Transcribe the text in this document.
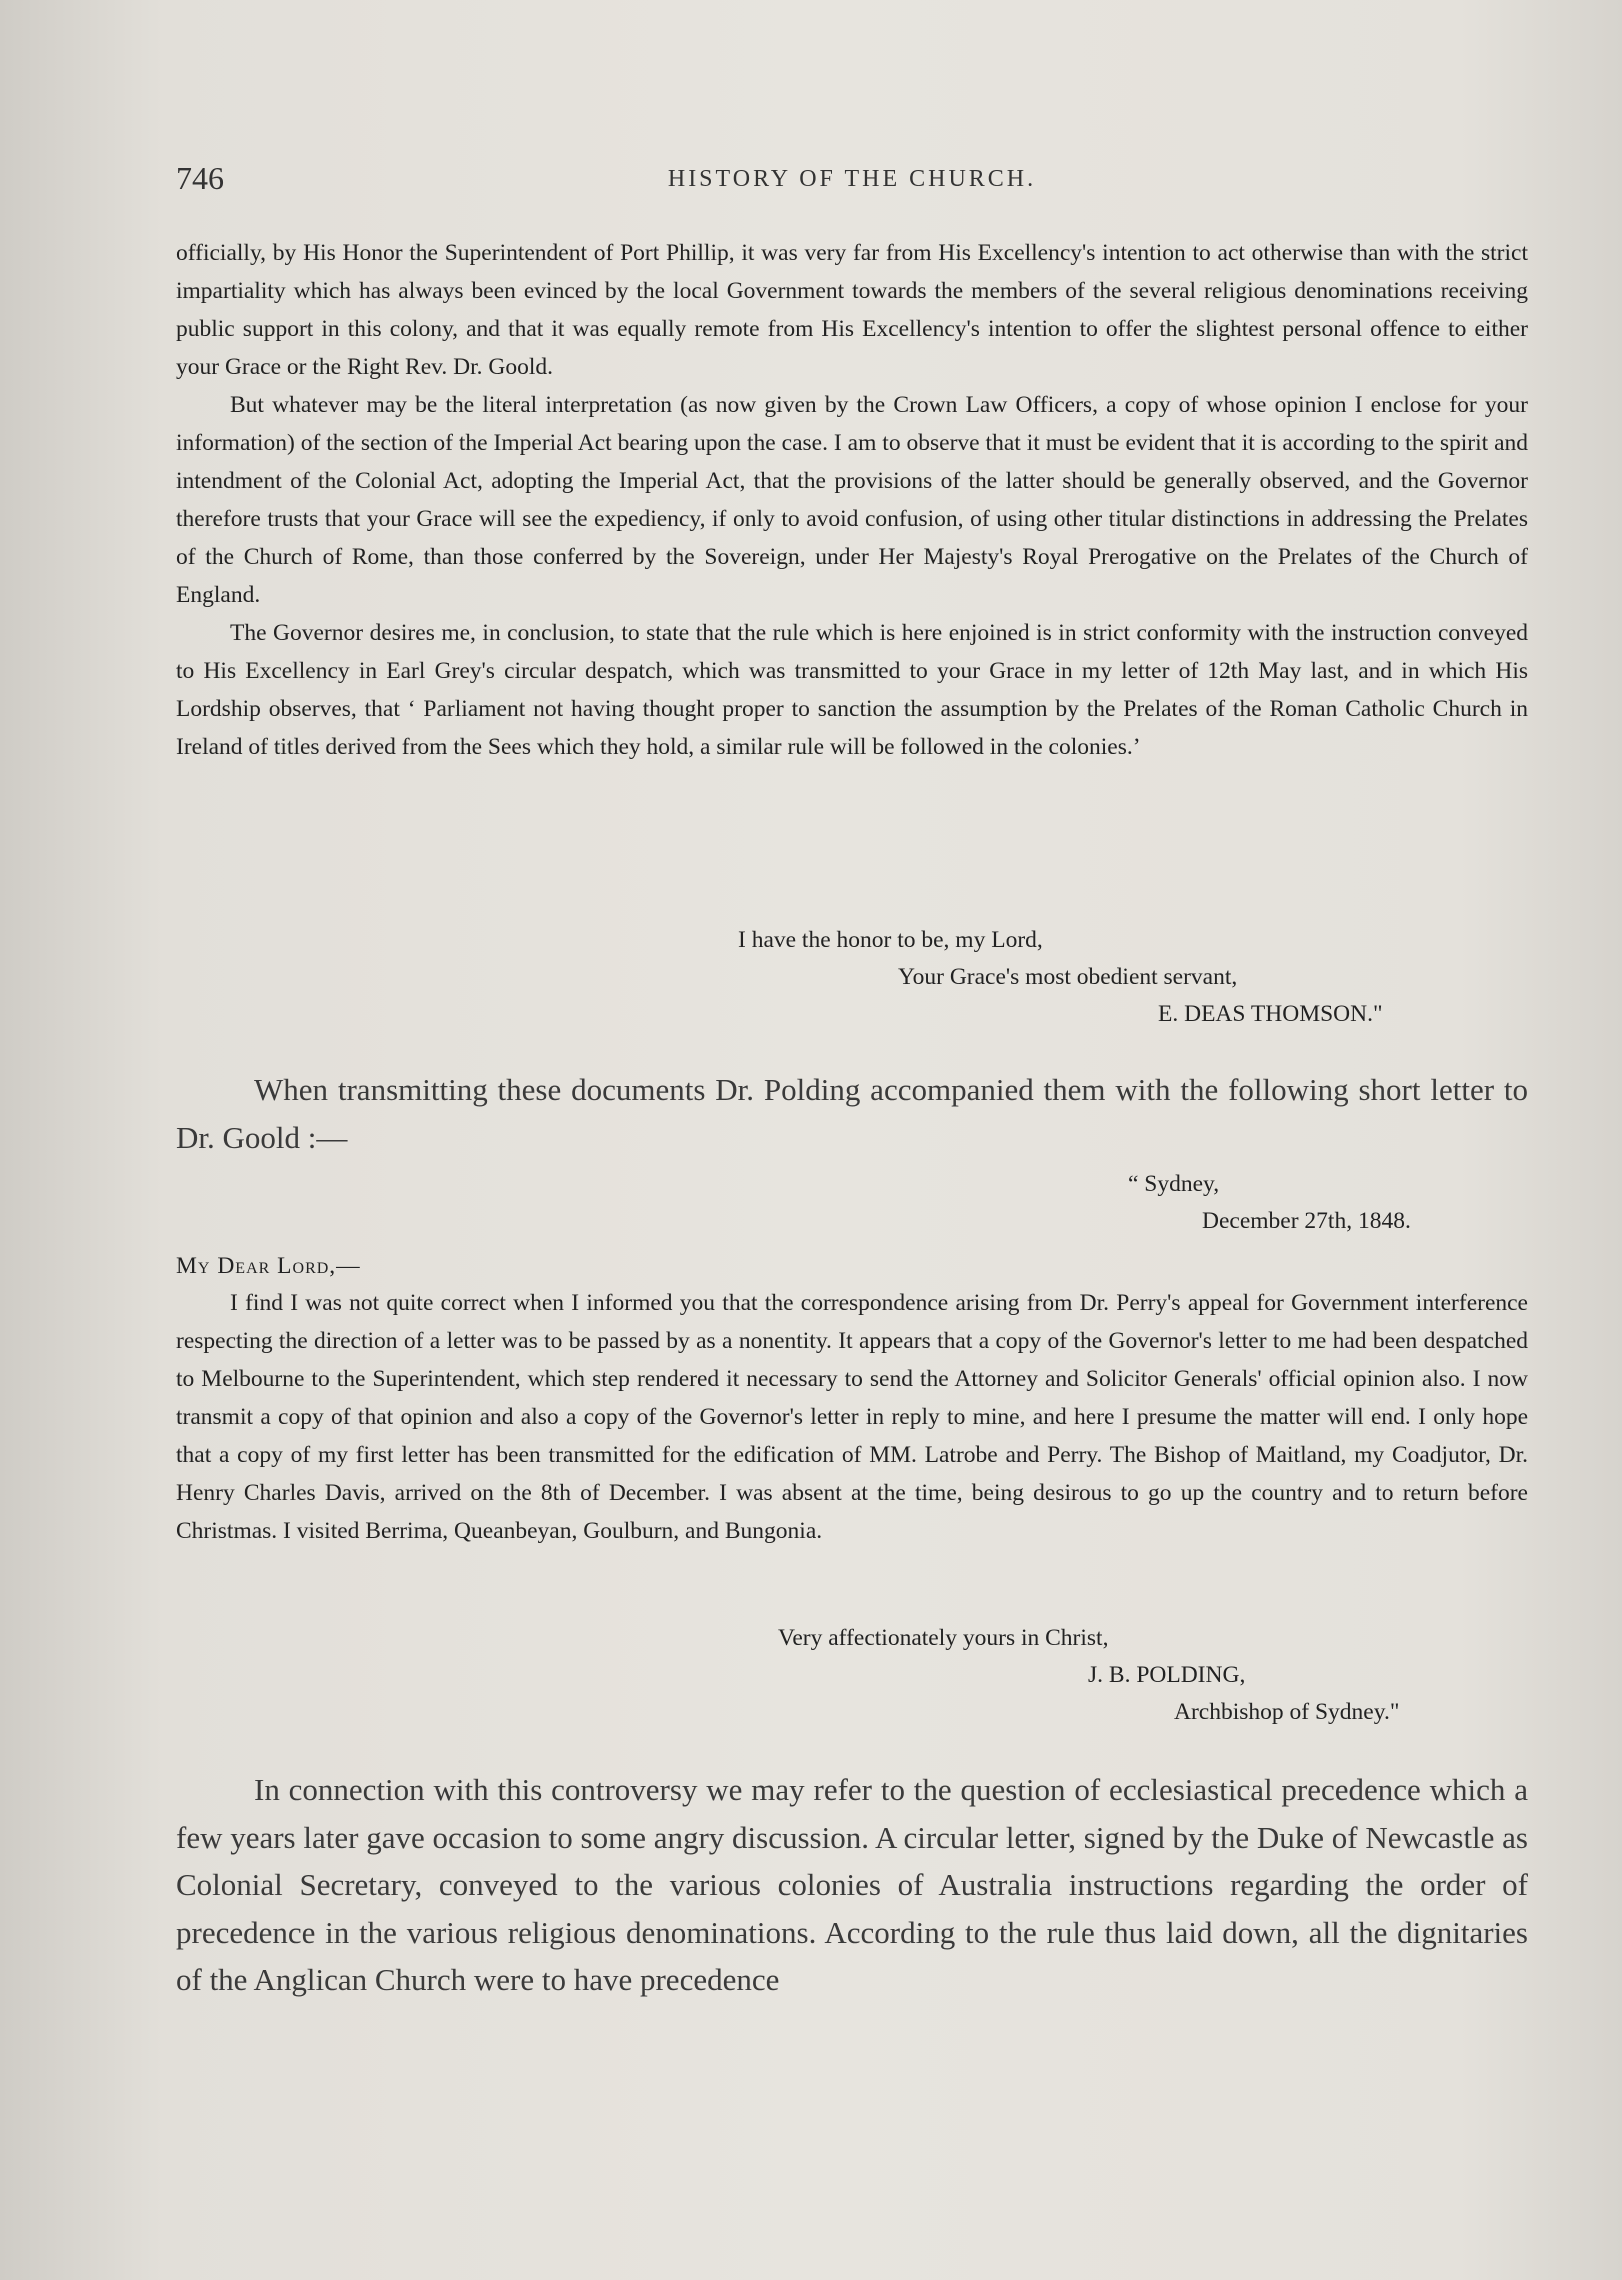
746	HISTORY OF THE CHURCH.

officially, by His Honor the Superintendent of Port Phillip, it was very far from His Excellency's intention to act otherwise than with the strict impartiality which has always been evinced by the local Government towards the members of the several religious denominations receiving public support in this colony, and that it was equally remote from His Excellency's intention to offer the slightest personal offence to either your Grace or the Right Rev. Dr. Goold.

But whatever may be the literal interpretation (as now given by the Crown Law Officers, a copy of whose opinion I enclose for your information) of the section of the Imperial Act bearing upon the case. I am to observe that it must be evident that it is according to the spirit and intendment of the Colonial Act, adopting the Imperial Act, that the provisions of the latter should be generally observed, and the Governor therefore trusts that your Grace will see the expediency, if only to avoid confusion, of using other titular distinctions in addressing the Prelates of the Church of Rome, than those conferred by the Sovereign, under Her Majesty's Royal Prerogative on the Prelates of the Church of England.

The Governor desires me, in conclusion, to state that the rule which is here enjoined is in strict conformity with the instruction conveyed to His Excellency in Earl Grey's circular despatch, which was transmitted to your Grace in my letter of 12th May last, and in which His Lordship observes, that ‘ Parliament not having thought proper to sanction the assumption by the Prelates of the Roman Catholic Church in Ireland of titles derived from the Sees which they hold, a similar rule will be followed in the colonies.’

I have the honor to be, my Lord,
Your Grace's most obedient servant,
E. DEAS THOMSON."

When transmitting these documents Dr. Polding accompanied them with the following short letter to Dr. Goold :—

“ Sydney,
December 27th, 1848.
My Dear Lord,—

I find I was not quite correct when I informed you that the correspondence arising from Dr. Perry's appeal for Government interference respecting the direction of a letter was to be passed by as a nonentity. It appears that a copy of the Governor's letter to me had been despatched to Melbourne to the Superintendent, which step rendered it necessary to send the Attorney and Solicitor Generals' official opinion also. I now transmit a copy of that opinion and also a copy of the Governor's letter in reply to mine, and here I presume the matter will end. I only hope that a copy of my first letter has been transmitted for the edification of MM. Latrobe and Perry. The Bishop of Maitland, my Coadjutor, Dr. Henry Charles Davis, arrived on the 8th of December. I was absent at the time, being desirous to go up the country and to return before Christmas. I visited Berrima, Queanbeyan, Goulburn, and Bungonia.

Very affectionately yours in Christ,
J. B. POLDING,
Archbishop of Sydney."

In connection with this controversy we may refer to the question of ecclesiastical precedence which a few years later gave occasion to some angry discussion. A circular letter, signed by the Duke of Newcastle as Colonial Secretary, conveyed to the various colonies of Australia instructions regarding the order of precedence in the various religious denominations. According to the rule thus laid down, all the dignitaries of the Anglican Church were to have precedence
